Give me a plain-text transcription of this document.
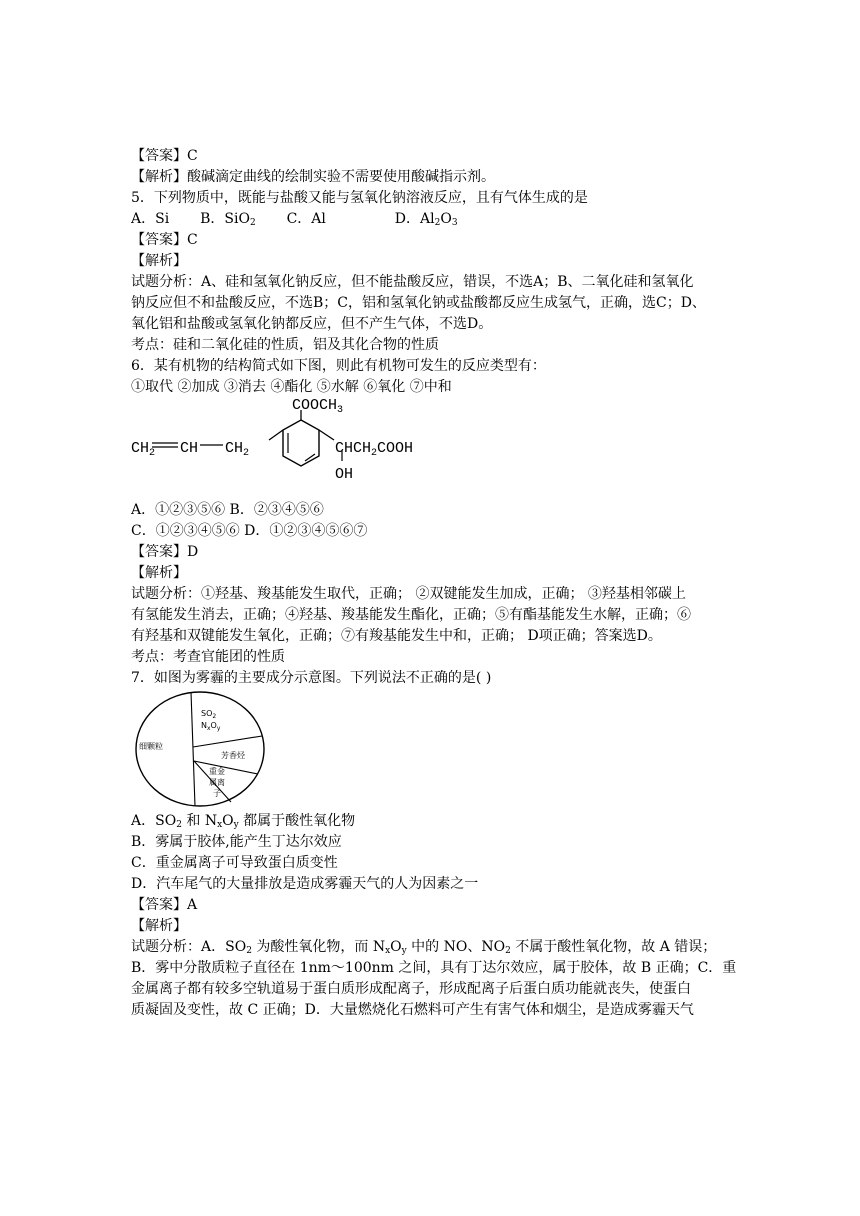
【答案】C
【解析】酸碱滴定曲线的绘制实验不需要使用酸碱指示剂。
5．下列物质中，既能与盐酸又能与氢氧化钠溶液反应，且有气体生成的是
A．Si B．SiO$_2$ C．Al	D．$Al_2O_3$
【答案】C
【解析】
试题分析：A、硅和氢氧化钠反应，但不能盐酸反应，错误，不选A；B、二氧化硅和氢氧化
钠反应但不和盐酸反应，不选B；C，铝和氢氧化钠或盐酸都反应生成氢气，正确，选C；D、
氧化铝和盐酸或氢氧化钠都反应，但不产生气体，不选D。
考点：硅和二氧化硅的性质，铝及其化合物的性质
6．某有机物的结构简式如下图，则此有机物可发生的反应类型有：
①取代 ②加成 ③消去 ④酯化 ⑤水解 ⑥氧化 ⑦中和
$CH_2$ CH $CH_2$
$COOCH_3$
$CHCH_2COOH$
OH
A．①②③⑤⑥ B．②③④⑤⑥
C．①②③④⑤⑥ D．①②③④⑤⑥⑦
【答案】D
【解析】
试题分析：①羟基、羧基能发生取代，正确； ②双键能发生加成，正确； ③羟基相邻碳上
有氢能发生消去，正确；④羟基、羧基能发生酯化，正确；⑤有酯基能发生水解，正确；⑥
有羟基和双键能发生氧化，正确；⑦有羧基能发生中和，正确； D项正确；答案选D。
考点：考查官能团的性质
7．如图为雾霾的主要成分示意图。下列说法不正确的是( )
$SO_2$
$N_xO_y$
细颗粒
芳香烃
重金
属离
子
A．$SO_2$ 和 $N_xO_y$ 都属于酸性氧化物
B．雾属于胶体,能产生丁达尔效应
C．重金属离子可导致蛋白质变性
D．汽车尾气的大量排放是造成雾霾天气的人为因素之一
【答案】A
【解析】
试题分析：A．$SO_2$ 为酸性氧化物，而 $N_xO_y$ 中的 NO、$NO_2$ 不属于酸性氧化物，故 A 错误；
B．雾中分散质粒子直径在 1nm～100nm 之间，具有丁达尔效应，属于胶体，故 B 正确；C．重
金属离子都有较多空轨道易于蛋白质形成配离子，形成配离子后蛋白质功能就丧失，使蛋白
质凝固及变性，故 C 正确；D．大量燃烧化石燃料可产生有害气体和烟尘，是造成雾霾天气
